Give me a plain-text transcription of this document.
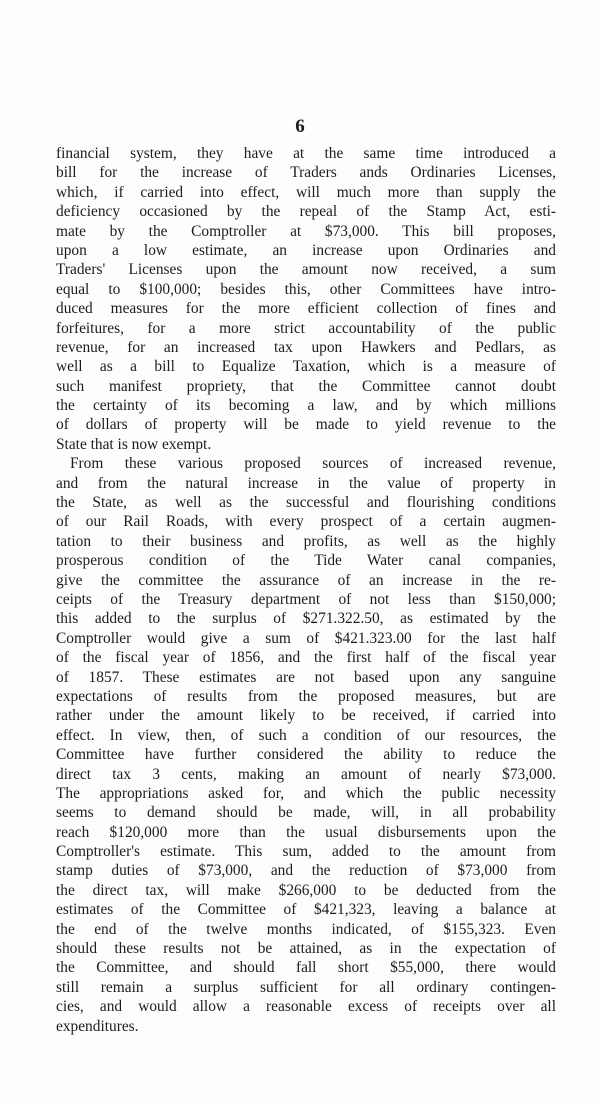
6
financial system, they have at the same time introduced a
bill for the increase of Traders ands Ordinaries Licenses,
which, if carried into effect, will much more than supply the
deficiency occasioned by the repeal of the Stamp Act, esti-
mate by the Comptroller at $73,000. This bill proposes,
upon a low estimate, an increase upon Ordinaries and
Traders' Licenses upon the amount now received, a sum
equal to $100,000; besides this, other Committees have intro-
duced measures for the more efficient collection of fines and
forfeitures, for a more strict accountability of the public
revenue, for an increased tax upon Hawkers and Pedlars, as
well as a bill to Equalize Taxation, which is a measure of
such manifest propriety, that the Committee cannot doubt
the certainty of its becoming a law, and by which millions
of dollars of property will be made to yield revenue to the
State that is now exempt.
From these various proposed sources of increased revenue,
and from the natural increase in the value of property in
the State, as well as the successful and flourishing conditions
of our Rail Roads, with every prospect of a certain augmen-
tation to their business and profits, as well as the highly
prosperous condition of the Tide Water canal companies,
give the committee the assurance of an increase in the re-
ceipts of the Treasury department of not less than $150,000;
this added to the surplus of $271.322.50, as estimated by the
Comptroller would give a sum of $421.323.00 for the last half
of the fiscal year of 1856, and the first half of the fiscal year
of 1857. These estimates are not based upon any sanguine
expectations of results from the proposed measures, but are
rather under the amount likely to be received, if carried into
effect. In view, then, of such a condition of our resources, the
Committee have further considered the ability to reduce the
direct tax 3 cents, making an amount of nearly $73,000.
The appropriations asked for, and which the public necessity
seems to demand should be made, will, in all probability
reach $120,000 more than the usual disbursements upon the
Comptroller's estimate. This sum, added to the amount from
stamp duties of $73,000, and the reduction of $73,000 from
the direct tax, will make $266,000 to be deducted from the
estimates of the Committee of $421,323, leaving a balance at
the end of the twelve months indicated, of $155,323. Even
should these results not be attained, as in the expectation of
the Committee, and should fall short $55,000, there would
still remain a surplus sufficient for all ordinary contingen-
cies, and would allow a reasonable excess of receipts over all
expenditures.
